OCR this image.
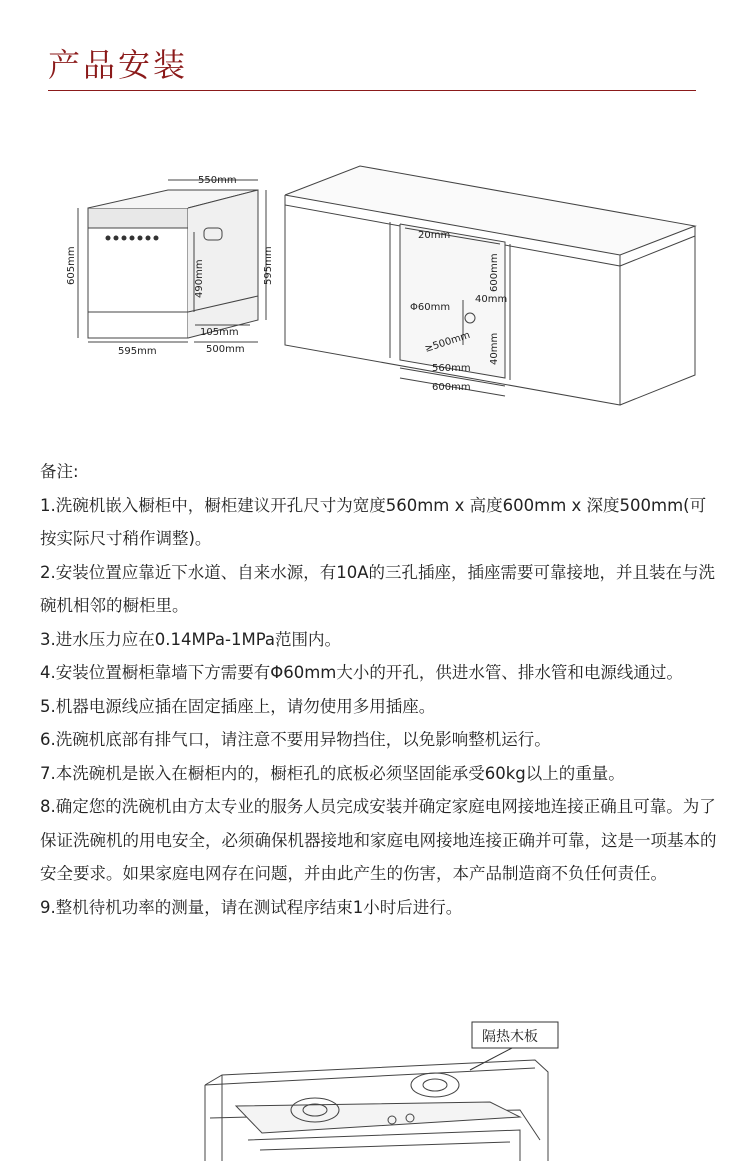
产品安装
550mm
605mm	490mm	595mm
105mm
595mm	500mm
20mm
600mm
40mm
Φ60mm
≥500mm 40mm
560mm
600mm

备注:

1.洗碗机嵌入橱柜中，橱柜建议开孔尺寸为宽度560mm x 高度600mm x 深度500mm(可按实际尺寸稍作调整)。

2.安装位置应靠近下水道、自来水源，有10A的三孔插座，插座需要可靠接地，并且装在与洗碗机相邻的橱柜里。

3.进水压力应在0.14MPa-1MPa范围内。

4.安装位置橱柜靠墙下方需要有Φ60mm大小的开孔，供进水管、排水管和电源线通过。

5.机器电源线应插在固定插座上，请勿使用多用插座。

6.洗碗机底部有排气口，请注意不要用异物挡住，以免影响整机运行。

7.本洗碗机是嵌入在橱柜内的，橱柜孔的底板必须坚固能承受60kg以上的重量。

8.确定您的洗碗机由方太专业的服务人员完成安装并确定家庭电网接地连接正确且可靠。为了保证洗碗机的用电安全，必须确保机器接地和家庭电网接地连接正确并可靠，这是一项基本的安全要求。如果家庭电网存在问题，并由此产生的伤害，本产品制造商不负任何责任。

9.整机待机功率的测量，请在测试程序结束1小时后进行。

隔热木板
